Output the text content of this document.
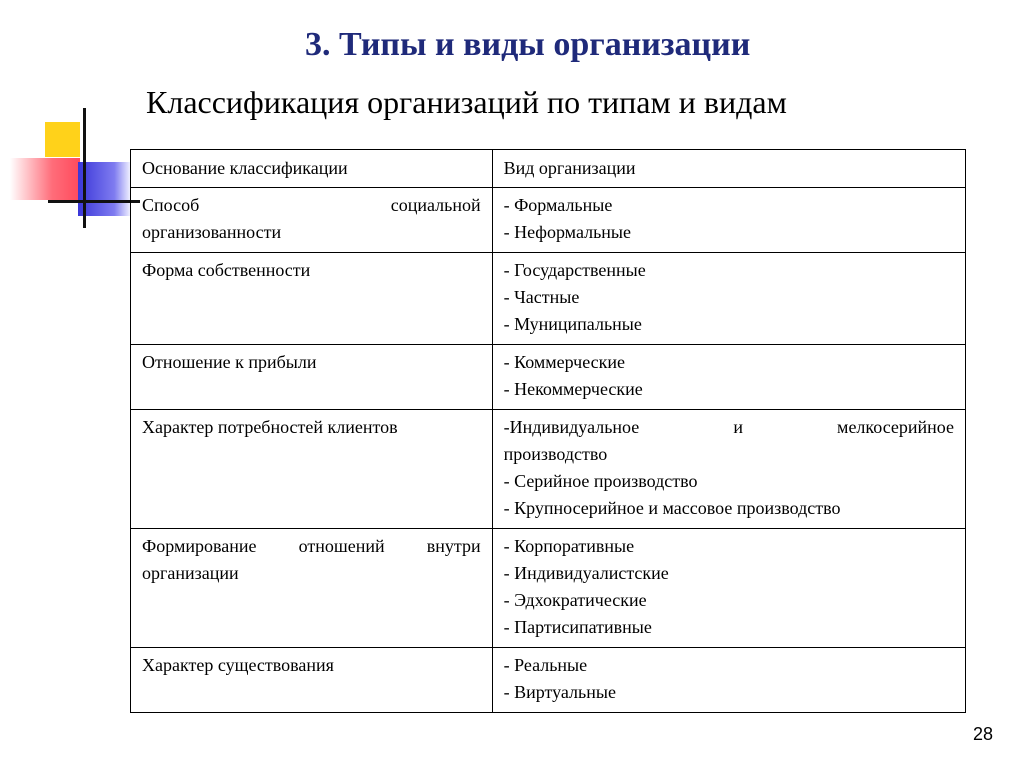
3. Типы и виды организации
Классификация организаций по типам и видам
Основание классификации	Вид организации

Способ социальной
организованности	- Формальные
- Неформальные

Форма собственности	- Государственные
- Частные
- Муниципальные

Отношение к прибыли	- Коммерческие
- Некоммерческие

Характер потребностей клиентов	-Индивидуальное и мелкосерийное
производство
- Серийное производство
- Крупносерийное и массовое производство

Формирование отношений внутри
организации	- Корпоративные
- Индивидуалистские
- Эдхократические
- Партисипативные

Характер существования	- Реальные
- Виртуальные
28
